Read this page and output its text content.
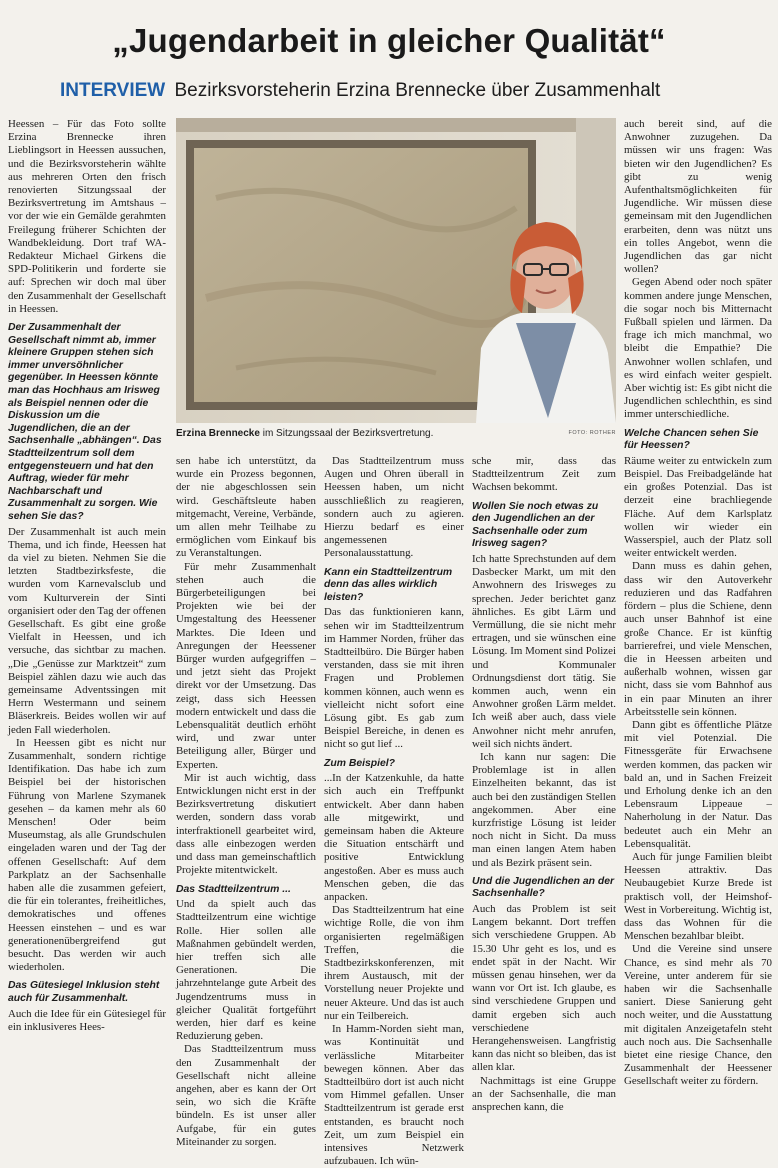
„Jugendarbeit in gleicher Qualität“
INTERVIEW Bezirksvorsteherin Erzina Brennecke über Zusammenhalt
Erzina Brennecke im Sitzungssaal der Bezirksvertretung.	FOTO: ROTHER

Heessen – Für das Foto sollte Erzina Brennecke ihren Lieblingsort in Heessen aussuchen, und die Bezirksvorsteherin wählte aus mehreren Orten den frisch renovierten Sitzungssaal der Bezirksvertretung im Amtshaus – vor der wie ein Gemälde gerahmten Freilegung früherer Schichten der Wandbekleidung. Dort traf WA-Redakteur Michael Girkens die SPD-Politikerin und forderte sie auf: Sprechen wir doch mal über den Zusammenhalt der Gesellschaft in Heessen.

Der Zusammenhalt der Gesellschaft nimmt ab, immer kleinere Gruppen stehen sich immer unversöhnlicher gegenüber. In Heessen könnte man das Hochhaus am Irisweg als Beispiel nennen oder die Diskussion um die Jugendlichen, die an der Sachsenhalle „abhängen“. Das Stadtteilzentrum soll dem entgegensteuern und hat den Auftrag, wieder für mehr Nachbarschaft und Zusammenhalt zu sorgen. Wie sehen Sie das?

Der Zusammenhalt ist auch mein Thema, und ich finde, Heessen hat da viel zu bieten. Nehmen Sie die letzten Stadtbezirksfeste, die wurden vom Karnevalsclub und vom Kulturverein der Sinti organisiert oder den Tag der offenen Gesellschaft. Es gibt eine große Vielfalt in Heessen, und ich versuche, das sichtbar zu machen. „Die „Genüsse zur Marktzeit“ zum Beispiel zählen dazu wie auch das gemeinsame Adventssingen mit Herrn Westermann und seinem Bläserkreis. Beides wollen wir auf jeden Fall wiederholen.

In Heessen gibt es nicht nur Zusammenhalt, sondern richtige Identifikation. Das habe ich zum Beispiel bei der historischen Führung von Marlene Szymanek gesehen – da kamen mehr als 60 Menschen! Oder beim Museumstag, als alle Grundschulen eingeladen waren und der Tag der offenen Gesellschaft: Auf dem Parkplatz an der Sachsenhalle haben alle die zusammen gefeiert, die für ein tolerantes, freiheitliches, demokratisches und offenes Heessen einstehen – und es war generationenübergreifend gut besucht. Das werden wir auch wiederholen.

Das Gütesiegel Inklusion steht auch für Zusammenhalt.

Auch die Idee für ein Gütesiegel für ein inklusiveres Hees-

sen habe ich unterstützt, da wurde ein Prozess begonnen, der nie abgeschlossen sein wird. Geschäftsleute haben mitgemacht, Vereine, Verbände, um allen mehr Teilhabe zu ermöglichen vom Einkauf bis zu Veranstaltungen.

Für mehr Zusammenhalt stehen auch die Bürgerbeteiligungen bei Projekten wie bei der Umgestaltung des Heessener Marktes. Die Ideen und Anregungen der Heessener Bürger wurden aufgegriffen – und jetzt sieht das Projekt direkt vor der Umsetzung. Das zeigt, dass sich Heessen modern entwickelt und dass die Lebensqualität deutlich erhöht wird, und zwar unter Beteiligung aller, Bürger und Experten.

Mir ist auch wichtig, dass Entwicklungen nicht erst in der Bezirksvertretung diskutiert werden, sondern dass vorab interfraktionell gearbeitet wird, dass alle einbezogen werden und dass man gemeinschaftlich Projekte mitentwickelt.

Das Stadtteilzentrum ...

Und da spielt auch das Stadtteilzentrum eine wichtige Rolle. Hier sollen alle Maßnahmen gebündelt werden, hier treffen sich alle Generationen. Die jahrzehntelange gute Arbeit des Jugendzentrums muss in gleicher Qualität fortgeführt werden, hier darf es keine Reduzierung geben.

Das Stadtteilzentrum muss den Zusammenhalt der Gesellschaft nicht alleine angehen, aber es kann der Ort sein, wo sich die Kräfte bündeln. Es ist unser aller Aufgabe, für ein gutes Miteinander zu sorgen.

Das Stadtteilzentrum muss Augen und Ohren überall in Heessen haben, um nicht ausschließlich zu reagieren, sondern auch zu agieren. Hierzu bedarf es einer angemessenen Personalausstattung.

Kann ein Stadtteilzentrum denn das alles wirklich leisten?

Das das funktionieren kann, sehen wir im Stadtteilzentrum im Hammer Norden, früher das Stadtteilbüro. Die Bürger haben verstanden, dass sie mit ihren Fragen und Problemen kommen können, auch wenn es vielleicht nicht sofort eine Lösung gibt. Es gab zum Beispiel Bereiche, in denen es nicht so gut lief ...

Zum Beispiel?

...In der Katzenkuhle, da hatte sich auch ein Treffpunkt entwickelt. Aber dann haben alle mitgewirkt, und gemeinsam haben die Akteure die Situation entschärft und positive Entwicklung angestoßen. Aber es muss auch Menschen geben, die das anpacken.

Das Stadtteilzentrum hat eine wichtige Rolle, die von ihm organisierten regelmäßigen Treffen, die Stadtbezirkskonferenzen, mit ihrem Austausch, mit der Vorstellung neuer Projekte und neuer Akteure. Und das ist auch nur ein Teilbereich.

In Hamm-Norden sieht man, was Kontinuität und verlässliche Mitarbeiter bewegen können. Aber das Stadtteilbüro dort ist auch nicht vom Himmel gefallen. Unser Stadtteilzentrum ist gerade erst entstanden, es braucht noch Zeit, um zum Beispiel ein intensives Netzwerk aufzubauen. Ich wün-

sche mir, dass das Stadtteilzentrum Zeit zum Wachsen bekommt.

Wollen Sie noch etwas zu den Jugendlichen an der Sachsenhalle oder zum Irisweg sagen?

Ich hatte Sprechstunden auf dem Dasbecker Markt, um mit den Anwohnern des Irisweges zu sprechen. Jeder berichtet ganz ähnliches. Es gibt Lärm und Vermüllung, die sie nicht mehr ertragen, und sie wünschen eine Lösung. Im Moment sind Polizei und Kommunaler Ordnungsdienst dort tätig. Sie kommen auch, wenn ein Anwohner großen Lärm meldet. Ich weiß aber auch, dass viele Anwohner nicht mehr anrufen, weil sich nichts ändert.

Ich kann nur sagen: Die Problemlage ist in allen Einzelheiten bekannt, das ist auch bei den zuständigen Stellen angekommen. Aber eine kurzfristige Lösung ist leider noch nicht in Sicht. Da muss man einen langen Atem haben und als Bezirk präsent sein.

Und die Jugendlichen an der Sachsenhalle?

Auch das Problem ist seit Langem bekannt. Dort treffen sich verschiedene Gruppen. Ab 15.30 Uhr geht es los, und es endet spät in der Nacht. Wir müssen genau hinsehen, wer da wann vor Ort ist. Ich glaube, es sind verschiedene Gruppen und damit ergeben sich auch verschiedene Herangehensweisen. Langfristig kann das nicht so bleiben, das ist allen klar.

Nachmittags ist eine Gruppe an der Sachsenhalle, die man ansprechen kann, die

auch bereit sind, auf die Anwohner zuzugehen. Da müssen wir uns fragen: Was bieten wir den Jugendlichen? Es gibt zu wenig Aufenthaltsmöglichkeiten für Jugendliche. Wir müssen diese gemeinsam mit den Jugendlichen erarbeiten, denn was nützt uns ein tolles Angebot, wenn die Jugendlichen das gar nicht wollen?

Gegen Abend oder noch später kommen andere junge Menschen, die sogar noch bis Mitternacht Fußball spielen und lärmen. Da frage ich mich manchmal, wo bleibt die Empathie? Die Anwohner wollen schlafen, und es wird einfach weiter gespielt. Aber wichtig ist: Es gibt nicht die Jugendlichen schlechthin, es sind immer unterschiedliche.

Welche Chancen sehen Sie für Heessen?

Räume weiter zu entwickeln zum Beispiel. Das Freibadgelände hat ein großes Potenzial. Das ist derzeit eine brachliegende Fläche. Auf dem Karlsplatz wollen wir wieder ein Wasserspiel, auch der Platz soll weiter entwickelt werden.

Dann muss es dahin gehen, dass wir den Autoverkehr reduzieren und das Radfahren fördern – plus die Schiene, denn auch unser Bahnhof ist eine große Chance. Er ist künftig barrierefrei, und viele Menschen, die in Heessen arbeiten und außerhalb wohnen, wissen gar nicht, dass sie vom Bahnhof aus in ein paar Minuten an ihrer Arbeitsstelle sein können.

Dann gibt es öffentliche Plätze mit viel Potenzial. Die Fitnessgeräte für Erwachsene werden kommen, das packen wir bald an, und in Sachen Freizeit und Erholung denke ich an den Lebensraum Lippeaue – Naherholung in der Natur. Das bedeutet auch ein Mehr an Lebensqualität.

Auch für junge Familien bleibt Heessen attraktiv. Das Neubaugebiet Kurze Brede ist praktisch voll, der Heimshof-West in Vorbereitung. Wichtig ist, dass das Wohnen für die Menschen bezahlbar bleibt.

Und die Vereine sind unsere Chance, es sind mehr als 70 Vereine, unter anderem für sie haben wir die Sachsenhalle saniert. Diese Sanierung geht noch weiter, und die Ausstattung mit digitalen Anzeigetafeln steht auch noch aus. Die Sachsenhalle bietet eine riesige Chance, den Zusammenhalt der Heessener Gesellschaft weiter zu fördern.
